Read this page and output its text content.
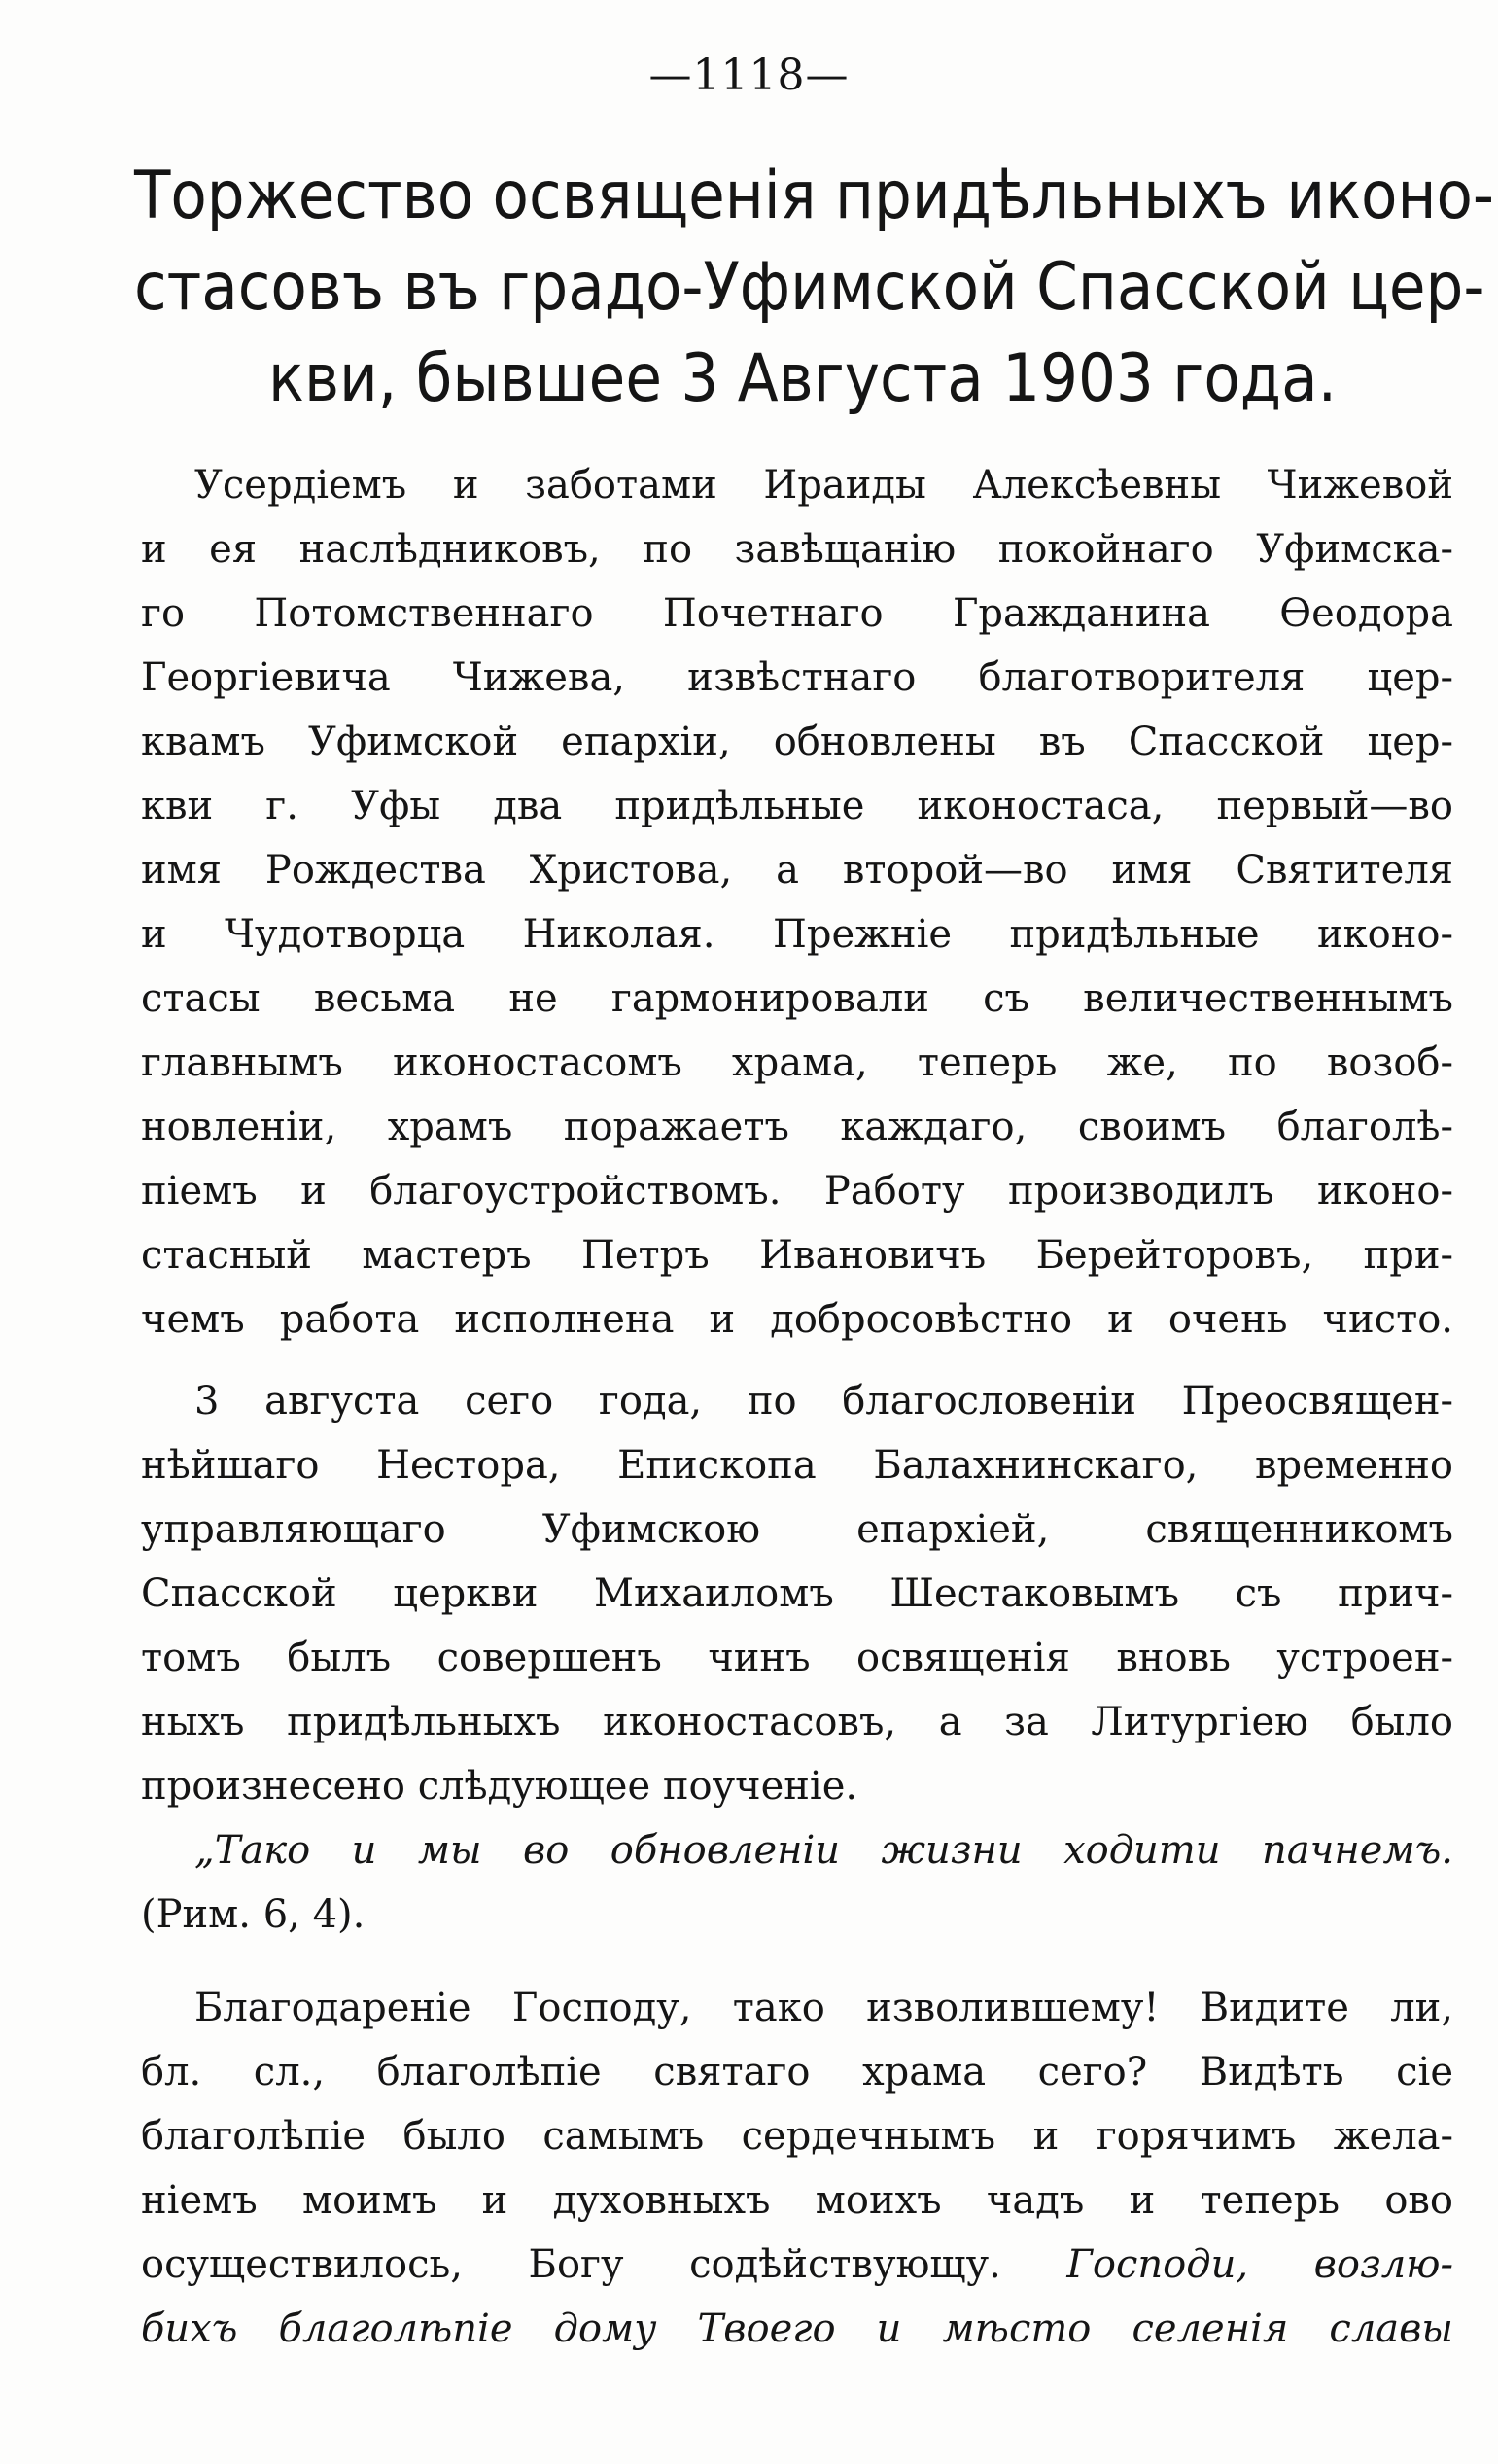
—1118—
Торжество освященія придѣльныхъ иконо-
стасовъ въ градо-Уфимской Спасской цер-
кви, бывшее 3 Августа 1903 года.
Усердіемъ и заботами Ираиды Алексѣевны Чижевой
и ея наслѣдниковъ, по завѣщанію покойнаго Уфимска-
го Потомственнаго Почетнаго Гражданина Ѳеодора
Георгіевича Чижева, извѣстнаго благотворителя цер-
квамъ Уфимской епархіи, обновлены въ Спасской цер-
кви г. Уфы два придѣльные иконостаса, первый—во
имя Рождества Христова, а второй—во имя Святителя
и Чудотворца Николая. Прежніе придѣльные иконо-
стасы весьма не гармонировали съ величественнымъ
главнымъ иконостасомъ храма, теперь же, по возоб-
новленіи, храмъ поражаетъ каждаго, своимъ благолѣ-
піемъ и благоустройствомъ. Работу производилъ иконо-
стасный мастеръ Петръ Ивановичъ Берейторовъ, при-
чемъ работа исполнена и добросовѣстно и очень чисто.
3 августа сего года, по благословеніи Преосвящен-
нѣйшаго Нестора, Епископа Балахнинскаго, временно
управляющаго Уфимскою епархіей, священникомъ
Спасской церкви Михаиломъ Шестаковымъ съ прич-
томъ былъ совершенъ чинъ освященія вновь устроен-
ныхъ придѣльныхъ иконостасовъ, а за Литургіею было
произнесено слѣдующее поученіе.
„Тако и мы во обновленіи жизни ходити пачнемъ.
(Рим. 6, 4).
Благодареніе Господу, тако изволившему! Видите ли,
бл. сл., благолѣпіе святаго храма сего? Видѣть сіе
благолѣпіе было самымъ сердечнымъ и горячимъ жела-
ніемъ моимъ и духовныхъ моихъ чадъ и теперь ово
осуществилось, Богу содѣйствующу. Господи, возлю-
бихъ благолѣпіе дому Твоего и мѣсто селенія славы
